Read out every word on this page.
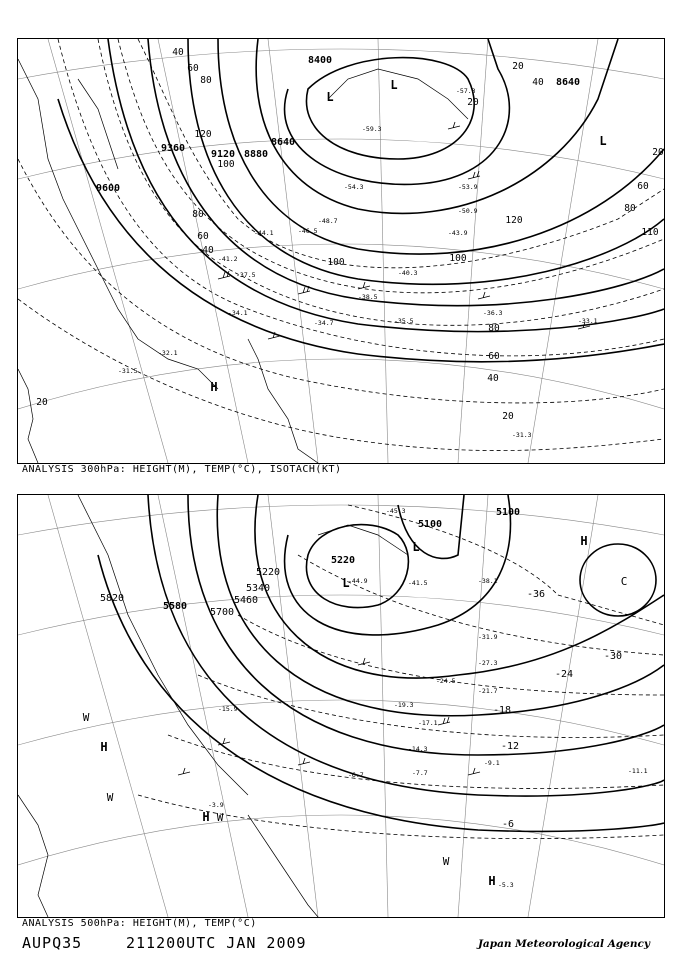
8400
8640
8640
8880
9120
9360
9600
40
60
80
100
120
120
100
80
60
40
20
20
40
60
80
100
110
80
60
40
20
20
20
-59.3
-57.3
-54.3	-53.9
-50.9
-48.7
-46.5
-44.1	-43.9
-41.2
-40.3
-38.5
-37.5
-36.3
-35.5
-34.7
-34.1
-33.1
-32.1
-31.5
-31.3
L
L
L
H
ANALYSIS 300hPa: HEIGHT(M), TEMP(°C), ISOTACH(KT)
5100
5100
5220
5580
5220
5340
5460
5700
5820	-36
-30
-24
-18
-12
-6
-45.3
-44.9	-41.5	-38.1
-31.9
-27.3
-24.5
-21.7
-19.3
-17.1
-15.9
-14.3
-11.1
-9.1
-7.7
-6.7
-5.3
-3.9
L
L
H
H
H
H
C
W
W
W
W
ANALYSIS 500hPa: HEIGHT(M), TEMP(°C)
AUPQ35	211200UTC JAN 2009	Japan Meteorological Agency
